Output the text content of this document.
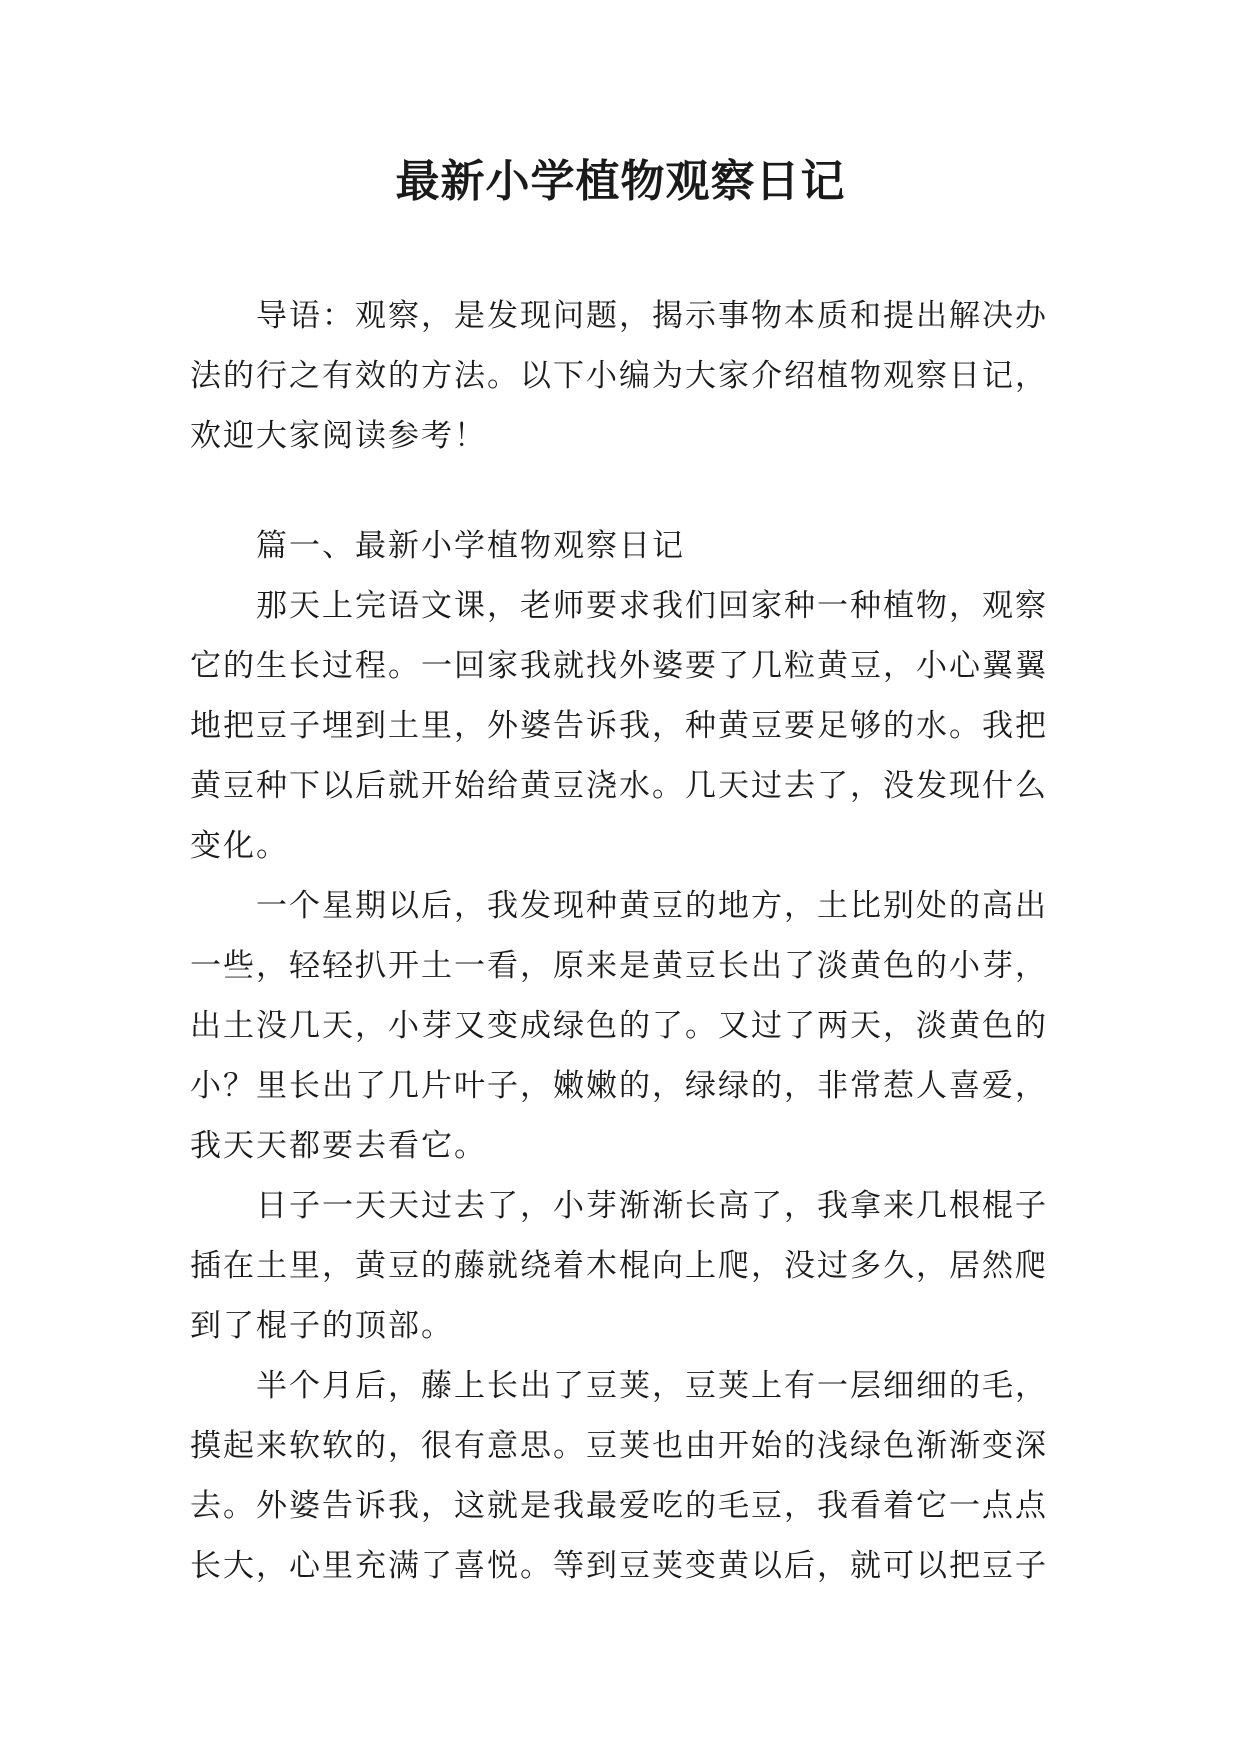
最新小学植物观察日记
导语：观察，是发现问题，揭示事物本质和提出解决办
法的行之有效的方法。以下小编为大家介绍植物观察日记，
欢迎大家阅读参考！
篇一、最新小学植物观察日记
那天上完语文课，老师要求我们回家种一种植物，观察
它的生长过程。一回家我就找外婆要了几粒黄豆，小心翼翼
地把豆子埋到土里，外婆告诉我，种黄豆要足够的水。我把
黄豆种下以后就开始给黄豆浇水。几天过去了，没发现什么
变化。
一个星期以后，我发现种黄豆的地方，土比别处的高出
一些，轻轻扒开土一看，原来是黄豆长出了淡黄色的小芽，
出土没几天，小芽又变成绿色的了。又过了两天，淡黄色的
小？里长出了几片叶子，嫩嫩的，绿绿的，非常惹人喜爱，
我天天都要去看它。
日子一天天过去了，小芽渐渐长高了，我拿来几根棍子
插在土里，黄豆的藤就绕着木棍向上爬，没过多久，居然爬
到了棍子的顶部。
半个月后，藤上长出了豆荚，豆荚上有一层细细的毛，
摸起来软软的，很有意思。豆荚也由开始的浅绿色渐渐变深
去。外婆告诉我，这就是我最爱吃的毛豆，我看着它一点点
长大，心里充满了喜悦。等到豆荚变黄以后，就可以把豆子
